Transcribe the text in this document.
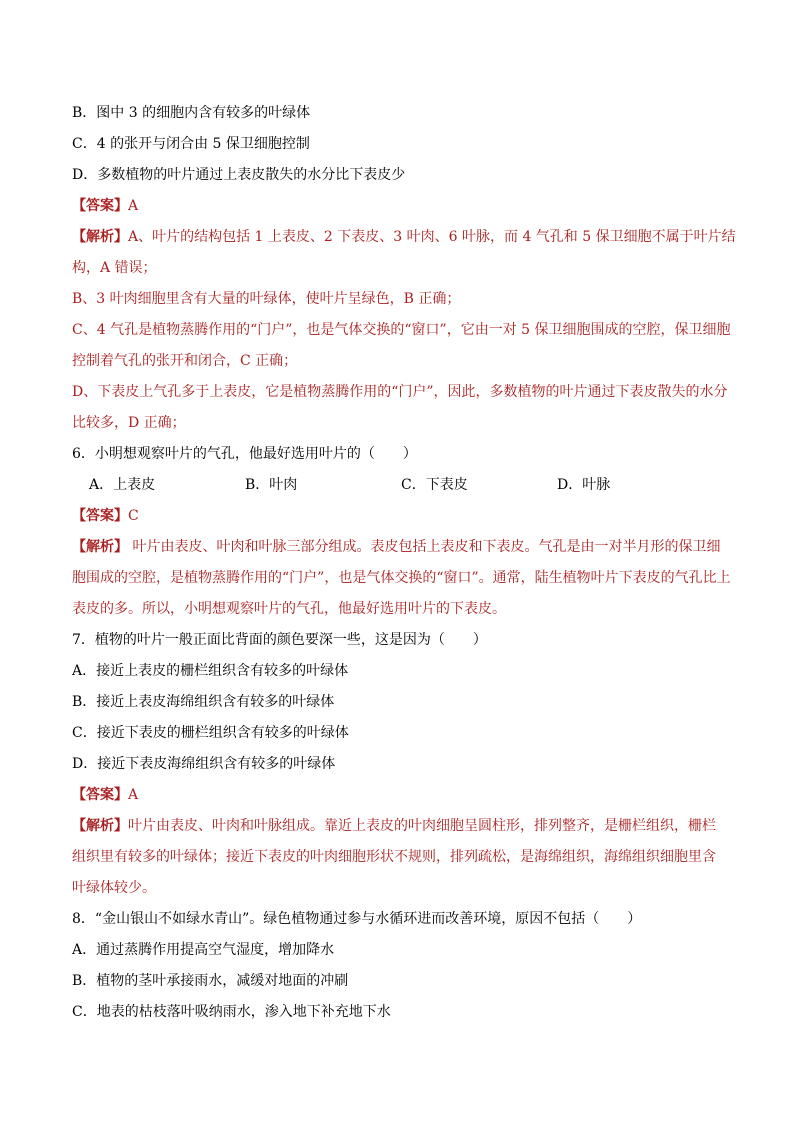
B．图中 3 的细胞内含有较多的叶绿体
C．4 的张开与闭合由 5 保卫细胞控制
D．多数植物的叶片通过上表皮散失的水分比下表皮少
【答案】A
【解析】A、叶片的结构包括 1 上表皮、2 下表皮、3 叶肉、6 叶脉，而 4 气孔和 5 保卫细胞不属于叶片结
构，A 错误；
B、3 叶肉细胞里含有大量的叶绿体，使叶片呈绿色，B 正确；
C、4 气孔是植物蒸腾作用的“门户”，也是气体交换的“窗口”，它由一对 5 保卫细胞围成的空腔，保卫细胞
控制着气孔的张开和闭合，C 正确；
D、下表皮上气孔多于上表皮，它是植物蒸腾作用的“门户”，因此，多数植物的叶片通过下表皮散失的水分
比较多，D 正确；
6．小明想观察叶片的气孔，他最好选用叶片的（　　）
A．上表皮	B．叶肉	C．下表皮	D．叶脉
【答案】C
【解析】 叶片由表皮、叶肉和叶脉三部分组成。表皮包括上表皮和下表皮。气孔是由一对半月形的保卫细
胞围成的空腔，是植物蒸腾作用的“门户”，也是气体交换的“窗口”。通常，陆生植物叶片下表皮的气孔比上
表皮的多。所以，小明想观察叶片的气孔，他最好选用叶片的下表皮。
7．植物的叶片一般正面比背面的颜色要深一些，这是因为（　　）
A．接近上表皮的栅栏组织含有较多的叶绿体
B．接近上表皮海绵组织含有较多的叶绿体
C．接近下表皮的栅栏组织含有较多的叶绿体
D．接近下表皮海绵组织含有较多的叶绿体
【答案】A
【解析】叶片由表皮、叶肉和叶脉组成。靠近上表皮的叶肉细胞呈圆柱形，排列整齐，是栅栏组织，栅栏
组织里有较多的叶绿体；接近下表皮的叶肉细胞形状不规则，排列疏松，是海绵组织，海绵组织细胞里含
叶绿体较少。
8．“金山银山不如绿水青山”。绿色植物通过参与水循环进而改善环境，原因不包括（　　）
A．通过蒸腾作用提高空气湿度，增加降水
B．植物的茎叶承接雨水，减缓对地面的冲刷
C．地表的枯枝落叶吸纳雨水，渗入地下补充地下水
